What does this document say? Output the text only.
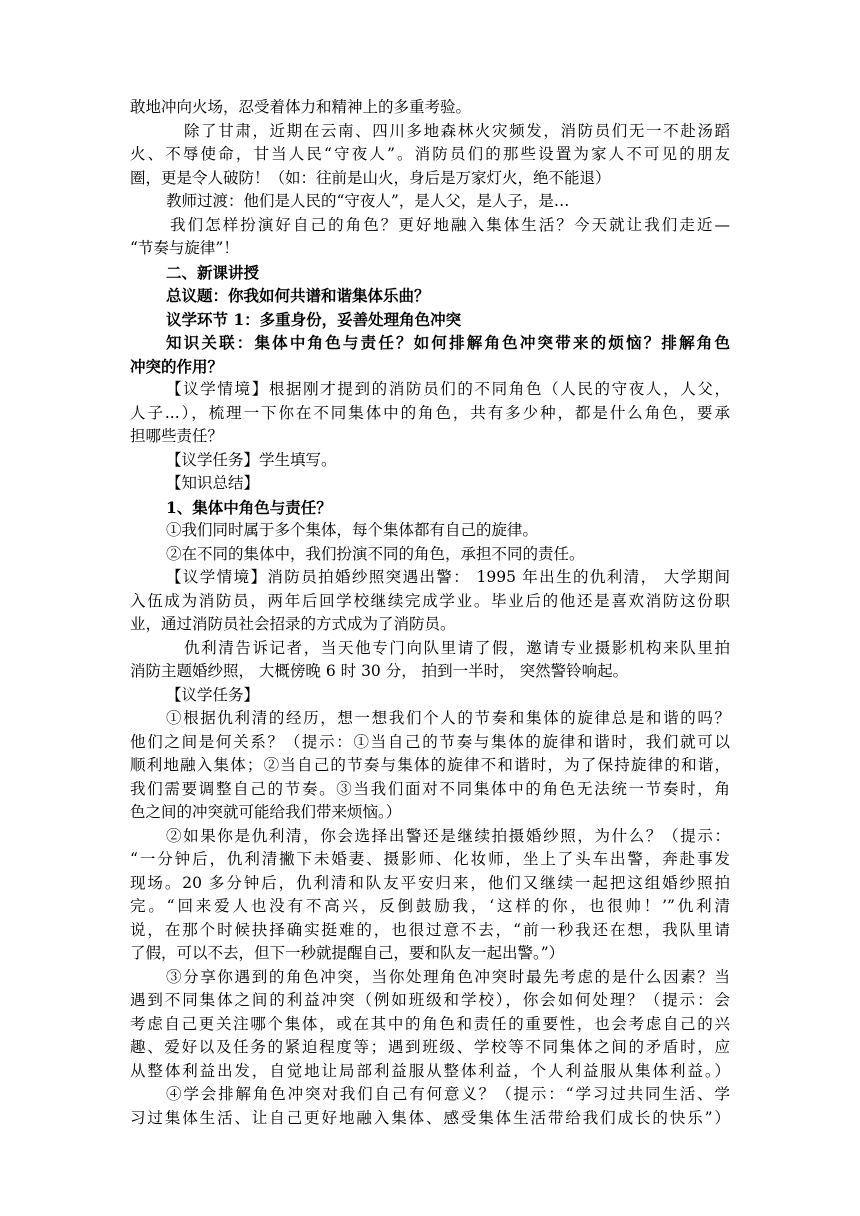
敢地冲向火场，忍受着体力和精神上的多重考验。

除了甘肃，近期在云南、四川多地森林火灾频发，消防员们无一不赴汤蹈

火、不辱使命，甘当人民“守夜人”。消防员们的那些设置为家人不可见的朋友

圈，更是令人破防！（如：往前是山火，身后是万家灯火，绝不能退）

教师过渡：他们是人民的“守夜人”，是人父，是人子，是…

我们怎样扮演好自己的角色？更好地融入集体生活？今天就让我们走近—

“节奏与旋律”！

二、新课讲授

总议题：你我如何共谱和谐集体乐曲？

议学环节 1：多重身份，妥善处理角色冲突

知识关联：集体中角色与责任？如何排解角色冲突带来的烦恼？排解角色

冲突的作用？

【议学情境】根据刚才提到的消防员们的不同角色（人民的守夜人，人父，

人子...），梳理一下你在不同集体中的角色，共有多少种，都是什么角色，要承

担哪些责任？

【议学任务】学生填写。

【知识总结】

1、集体中角色与责任？

①我们同时属于多个集体，每个集体都有自己的旋律。

②在不同的集体中，我们扮演不同的角色，承担不同的责任。

【议学情境】消防员拍婚纱照突遇出警： 1995 年出生的仇利清， 大学期间

入伍成为消防员，两年后回学校继续完成学业。毕业后的他还是喜欢消防这份职

业，通过消防员社会招录的方式成为了消防员。

仇利清告诉记者，当天他专门向队里请了假，邀请专业摄影机构来队里拍

消防主题婚纱照， 大概傍晚 6 时 30 分， 拍到一半时， 突然警铃响起。

【议学任务】

①根据仇利清的经历，想一想我们个人的节奏和集体的旋律总是和谐的吗？

他们之间是何关系？（提示：①当自己的节奏与集体的旋律和谐时，我们就可以

顺利地融入集体；②当自己的节奏与集体的旋律不和谐时，为了保持旋律的和谐，

我们需要调整自己的节奏。③当我们面对不同集体中的角色无法统一节奏时，角

色之间的冲突就可能给我们带来烦恼。）

②如果你是仇利清，你会选择出警还是继续拍摄婚纱照，为什么？（提示：

“一分钟后，仇利清撇下未婚妻、摄影师、化妆师，坐上了头车出警，奔赴事发

现场。20 多分钟后，仇利清和队友平安归来，他们又继续一起把这组婚纱照拍

完。“回来爱人也没有不高兴，反倒鼓励我，‘这样的你，也很帅！’”仇利清

说，在那个时候抉择确实挺难的，也很过意不去，“前一秒我还在想，我队里请

了假，可以不去，但下一秒就提醒自己，要和队友一起出警。”）

③分享你遇到的角色冲突，当你处理角色冲突时最先考虑的是什么因素？当

遇到不同集体之间的利益冲突（例如班级和学校），你会如何处理？（提示：会

考虑自己更关注哪个集体，或在其中的角色和责任的重要性，也会考虑自己的兴

趣、爱好以及任务的紧迫程度等；遇到班级、学校等不同集体之间的矛盾时，应

从整体利益出发，自觉地让局部利益服从整体利益，个人利益服从集体利益。）

④学会排解角色冲突对我们自己有何意义？（提示：“学习过共同生活、学

习过集体生活、让自己更好地融入集体、感受集体生活带给我们成长的快乐”）
